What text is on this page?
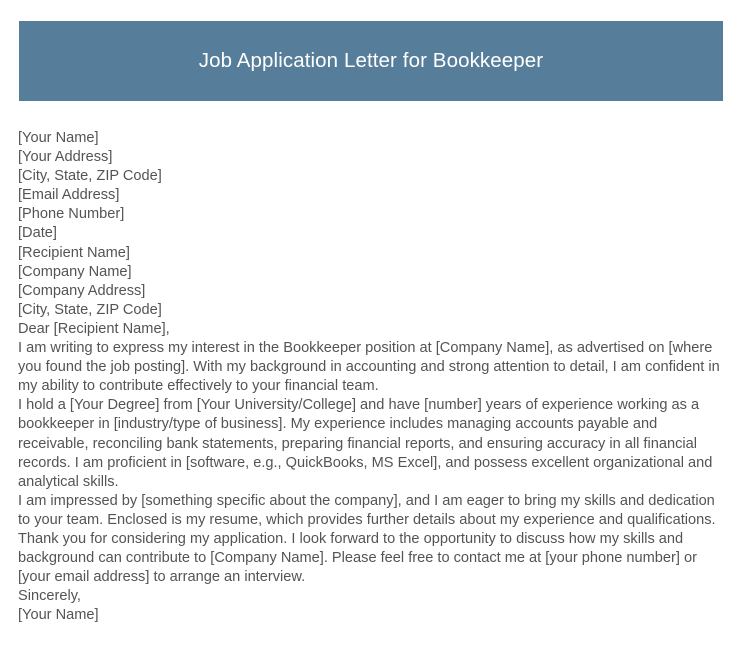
Job Application Letter for Bookkeeper
[Your Name]
[Your Address]
[City, State, ZIP Code]
[Email Address]
[Phone Number]
[Date]
[Recipient Name]
[Company Name]
[Company Address]
[City, State, ZIP Code]
Dear [Recipient Name],

I am writing to express my interest in the Bookkeeper position at [Company Name], as advertised on [where you found the job posting]. With my background in accounting and strong attention to detail, I am confident in my ability to contribute effectively to your financial team.

I hold a [Your Degree] from [Your University/College] and have [number] years of experience working as a bookkeeper in [industry/type of business]. My experience includes managing accounts payable and receivable, reconciling bank statements, preparing financial reports, and ensuring accuracy in all financial records. I am proficient in [software, e.g., QuickBooks, MS Excel], and possess excellent organizational and analytical skills.

I am impressed by [something specific about the company], and I am eager to bring my skills and dedication to your team. Enclosed is my resume, which provides further details about my experience and qualifications.

Thank you for considering my application. I look forward to the opportunity to discuss how my skills and background can contribute to [Company Name]. Please feel free to contact me at [your phone number] or [your email address] to arrange an interview.

Sincerely,
[Your Name]
